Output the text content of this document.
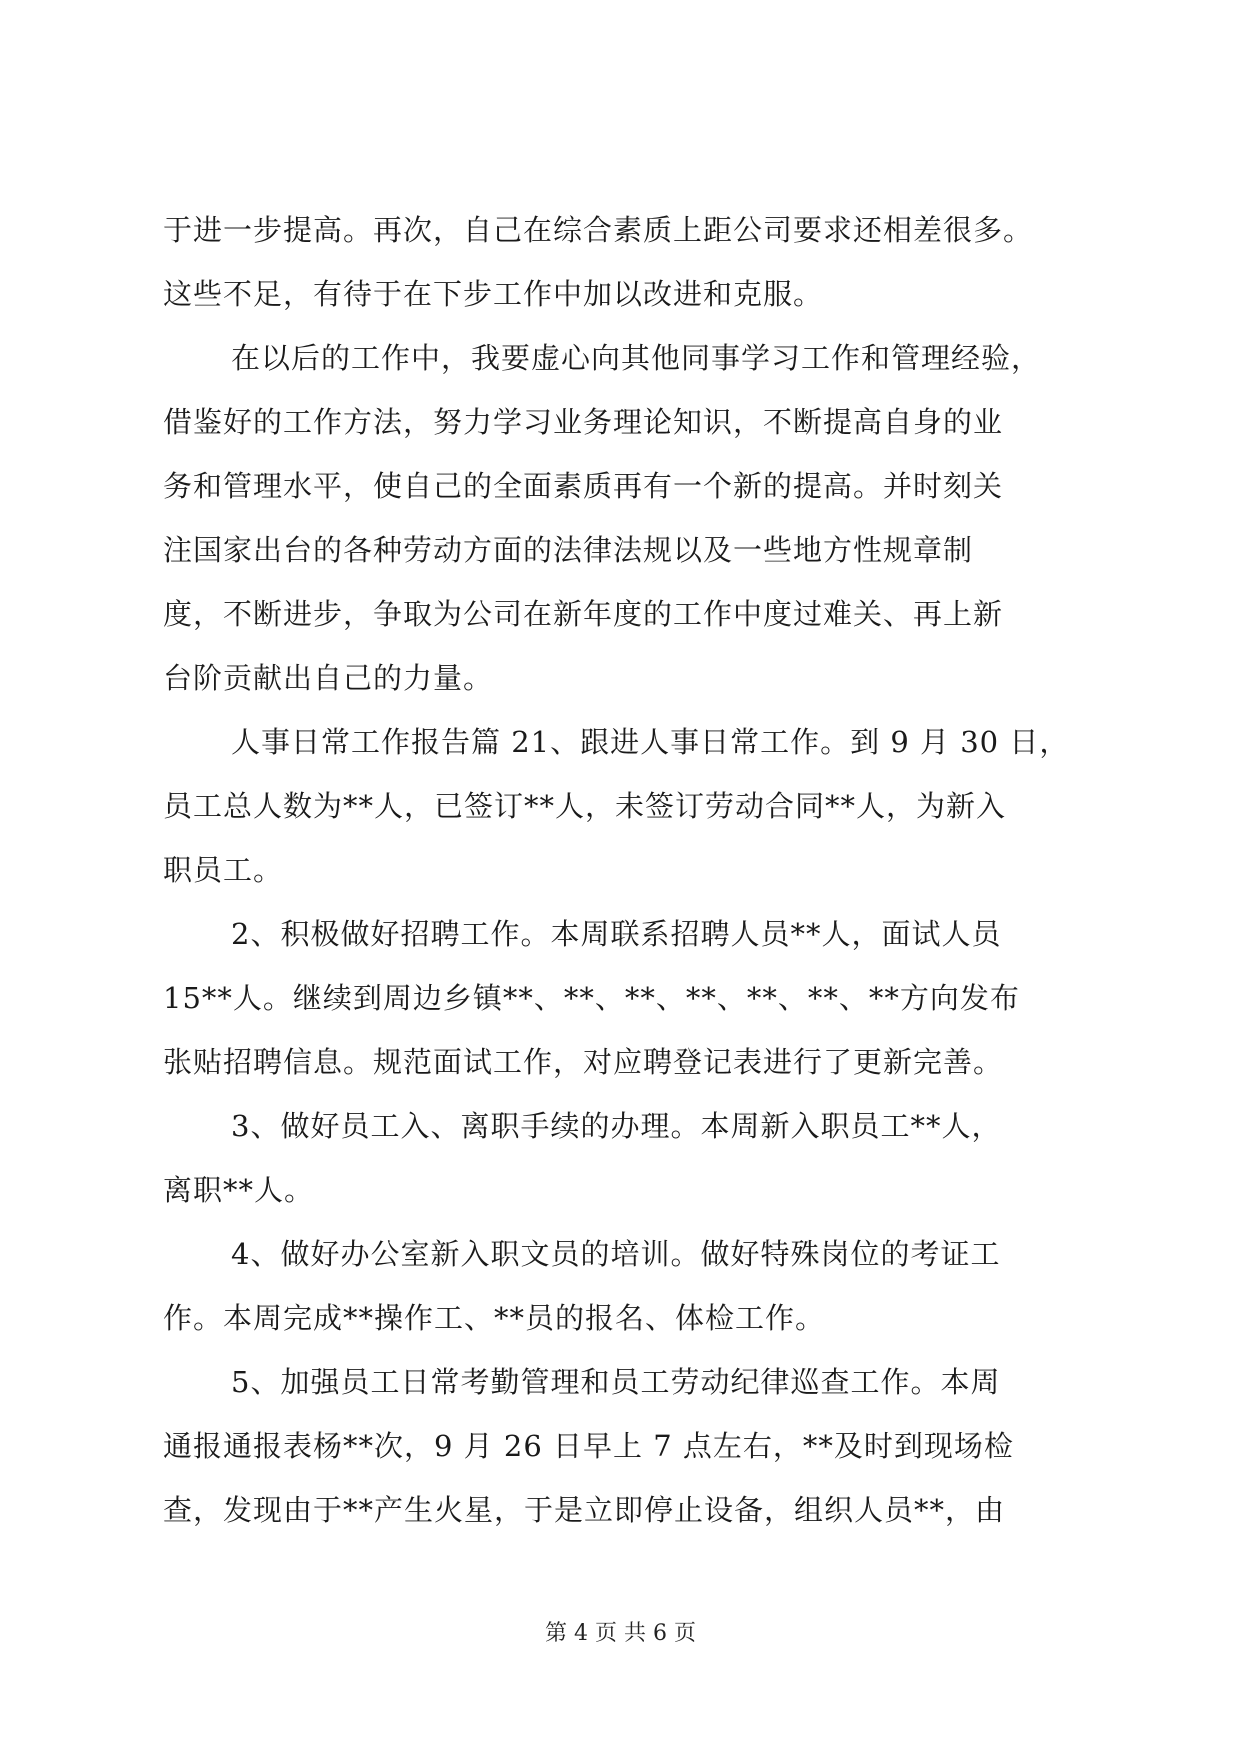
于进一步提高。再次，自己在综合素质上距公司要求还相差很多。
这些不足，有待于在下步工作中加以改进和克服。
在以后的工作中，我要虚心向其他同事学习工作和管理经验，
借鉴好的工作方法，努力学习业务理论知识，不断提高自身的业
务和管理水平，使自己的全面素质再有一个新的提高。并时刻关
注国家出台的各种劳动方面的法律法规以及一些地方性规章制
度，不断进步，争取为公司在新年度的工作中度过难关、再上新
台阶贡献出自己的力量。
人事日常工作报告篇 21、跟进人事日常工作。到 9 月 30 日，
员工总人数为**人，已签订**人，未签订劳动合同**人，为新入
职员工。
2、积极做好招聘工作。本周联系招聘人员**人，面试人员
15**人。继续到周边乡镇**、**、**、**、**、**、**方向发布
张贴招聘信息。规范面试工作，对应聘登记表进行了更新完善。
3、做好员工入、离职手续的办理。本周新入职员工**人，
离职**人。
4、做好办公室新入职文员的培训。做好特殊岗位的考证工
作。本周完成**操作工、**员的报名、体检工作。
5、加强员工日常考勤管理和员工劳动纪律巡查工作。本周
通报通报表杨**次，9 月 26 日早上 7 点左右，**及时到现场检
查，发现由于**产生火星，于是立即停止设备，组织人员**，由
第 4 页 共 6 页
